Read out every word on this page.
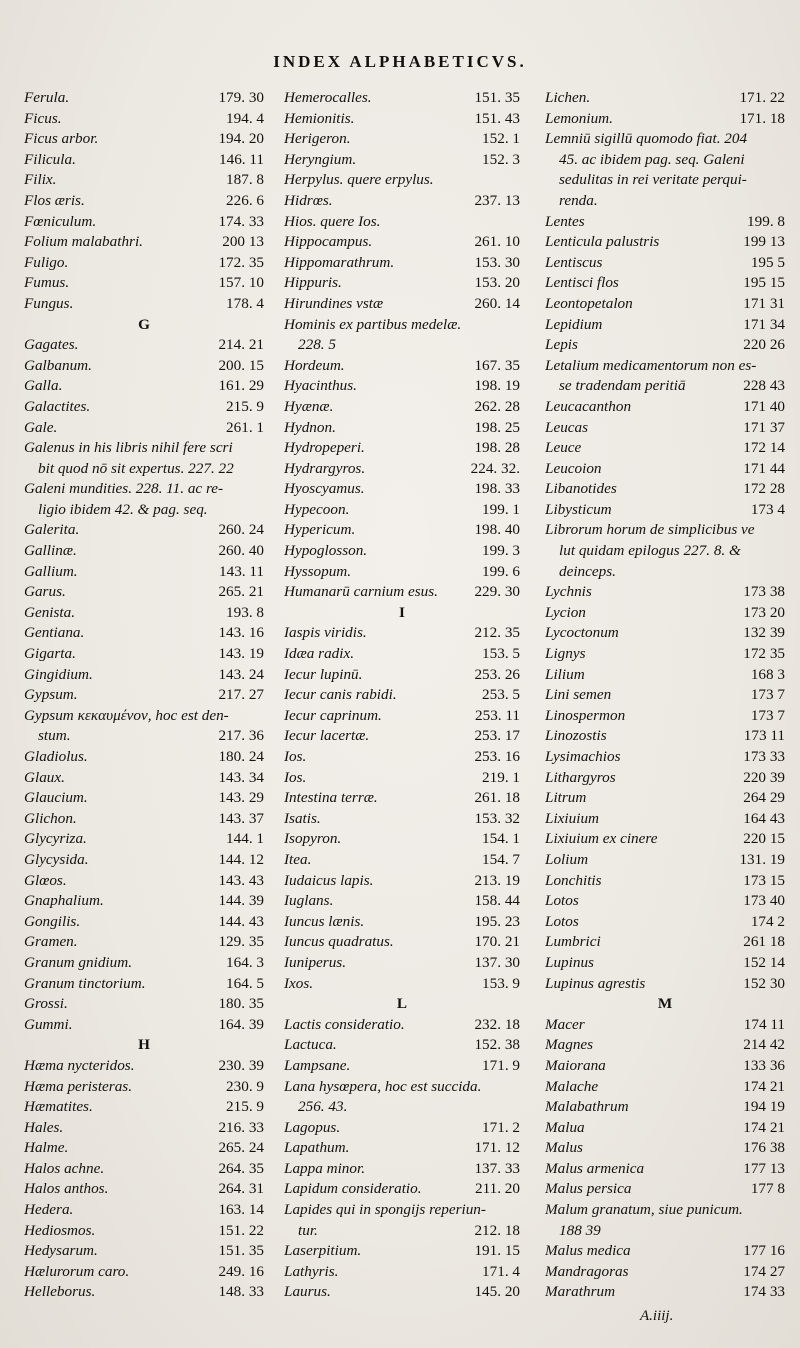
INDEX ALPHABETICVS.
179. 30
Ferula.
194. 4
Ficus.
194. 20
Ficus arbor.
146. 11
Filicula.
187. 8
Filix.
226. 6
Flos æris.
174. 33
Fœniculum.
200 13
Folium malabathri.
172. 35
Fuligo.
157. 10
Fumus.
178. 4
Fungus.
G
214. 21
Gagates.
200. 15
Galbanum.
161. 29
Galla.
215. 9
Galactites.
261. 1
Gale.
Galenus in his libris nihil fere scri
bit quod nō sit expertus. 227. 22
Galeni mundities. 228. 11. ac re-
ligio ibidem 42. & pag. seq.
260. 24
Galerita.
260. 40
Gallinæ.
143. 11
Gallium.
265. 21
Garus.
193. 8
Genista.
143. 16
Gentiana.
143. 19
Gigarta.
143. 24
Gingidium.
217. 27
Gypsum.
Gypsum κεκαυμένον, hoc est den-
217. 36
stum.
180. 24
Gladiolus.
143. 34
Glaux.
143. 29
Glaucium.
143. 37
Glichon.
144. 1
Glycyriza.
144. 12
Glycysida.
143. 43
Glœos.
144. 39
Gnaphalium.
144. 43
Gongilis.
129. 35
Gramen.
164. 3
Granum gnidium.
164. 5
Granum tinctorium.
180. 35
Grossi.
164. 39
Gummi.
H
230. 39
Hæma nycteridos.
230. 9
Hæma peristeras.
215. 9
Hæmatites.
216. 33
Hales.
265. 24
Halme.
264. 35
Halos achne.
264. 31
Halos anthos.
163. 14
Hedera.
151. 22
Hediosmos.
151. 35
Hedysarum.
249. 16
Hælurorum caro.
148. 33
Helleborus.
151. 35
Hemerocalles.
151. 43
Hemionitis.
152. 1
Herigeron.
152. 3
Heryngium.
Herpylus. quere erpylus.
237. 13
Hidrœs.
Hios. quere Ios.
261. 10
Hippocampus.
153. 30
Hippomarathrum.
153. 20
Hippuris.
260. 14
Hirundines vstæ
Hominis ex partibus medelæ.
228. 5
167. 35
Hordeum.
198. 19
Hyacinthus.
262. 28
Hyænæ.
198. 25
Hydnon.
198. 28
Hydropeperi.
224. 32.
Hydrargyros.
198. 33
Hyoscyamus.
199. 1
Hypecoon.
198. 40
Hypericum.
199. 3
Hypoglosson.
199. 6
Hyssopum.
229. 30
Humanarū carnium esus.
I
212. 35
Iaspis viridis.
153. 5
Idæa radix.
253. 26
Iecur lupinū.
253. 5
Iecur canis rabidi.
253. 11
Iecur caprinum.
253. 17
Iecur lacertæ.
253. 16
Ios.
219. 1
Ios.
261. 18
Intestina terræ.
153. 32
Isatis.
154. 1
Isopyron.
154. 7
Itea.
213. 19
Iudaicus lapis.
158. 44
Iuglans.
195. 23
Iuncus lænis.
170. 21
Iuncus quadratus.
137. 30
Iuniperus.
153. 9
Ixos.
L
232. 18
Lactis consideratio.
152. 38
Lactuca.
171. 9
Lampsane.
Lana hysœpera, hoc est succida.
256. 43.
171. 2
Lagopus.
171. 12
Lapathum.
137. 33
Lappa minor.
211. 20
Lapidum consideratio.
Lapides qui in spongijs reperiun-
212. 18
tur.
191. 15
Laserpitium.
171. 4
Lathyris.
145. 20
Laurus.
171. 22
Lichen.
171. 18
Lemonium.
Lemniū sigillū quomodo fiat. 204
45. ac ibidem pag. seq. Galeni
sedulitas in rei veritate perqui-
renda.
199. 8
Lentes
199 13
Lenticula palustris
195 5
Lentiscus
195 15
Lentisci flos
171 31
Leontopetalon
171 34
Lepidium
220 26
Lepis
Letalium medicamentorum non es-
228 43
se tradendam peritiā
171 40
Leucacanthon
171 37
Leucas
172 14
Leuce
171 44
Leucoion
172 28
Libanotides
173 4
Libysticum
Librorum horum de simplicibus ve
lut quidam epilogus 227. 8. &
deinceps.
173 38
Lychnis
173 20
Lycion
132 39
Lycoctonum
172 35
Lignys
168 3
Lilium
173 7
Lini semen
173 7
Linospermon
173 11
Linozostis
173 33
Lysimachios
220 39
Lithargyros
264 29
Litrum
164 43
Lixiuium
220 15
Lixiuium ex cinere
131. 19
Lolium
173 15
Lonchitis
173 40
Lotos
174 2
Lotos
261 18
Lumbrici
152 14
Lupinus
152 30
Lupinus agrestis
M
174 11
Macer
214 42
Magnes
133 36
Maiorana
174 21
Malache
194 19
Malabathrum
174 21
Malua
176 38
Malus
177 13
Malus armenica
177 8
Malus persica
Malum granatum, siue punicum.
188 39
177 16
Malus medica
174 27
Mandragoras
174 33
Marathrum
A.iiij.
